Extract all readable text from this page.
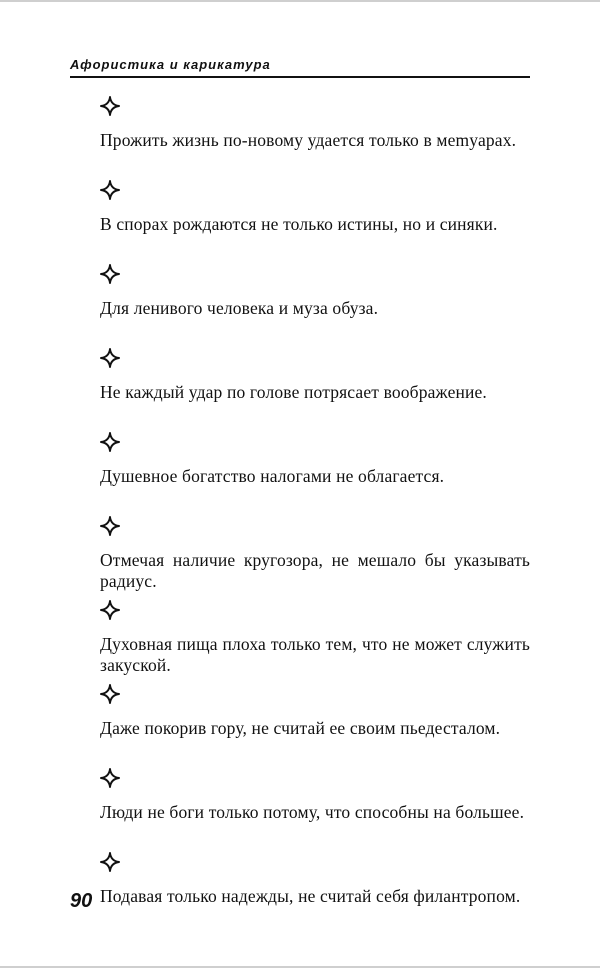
Афористика и карикатура
Прожить жизнь по-новому удается только в меmуарах.
В спорах рождаются не только истины, но и синяки.
Для ленивого человека и муза обуза.
Не каждый удар по голове потрясает воображение.
Душевное богатство налогами не облагается.
Отмечая наличие кругозора, не мешало бы указывать радиус.
Духовная пища плоха только тем, что не может служить закуской.
Даже покорив гору, не считай ее своим пьедесталом.
Люди не боги только потому, что способны на большее.
Подавая только надежды, не считай себя филантропом.
90
